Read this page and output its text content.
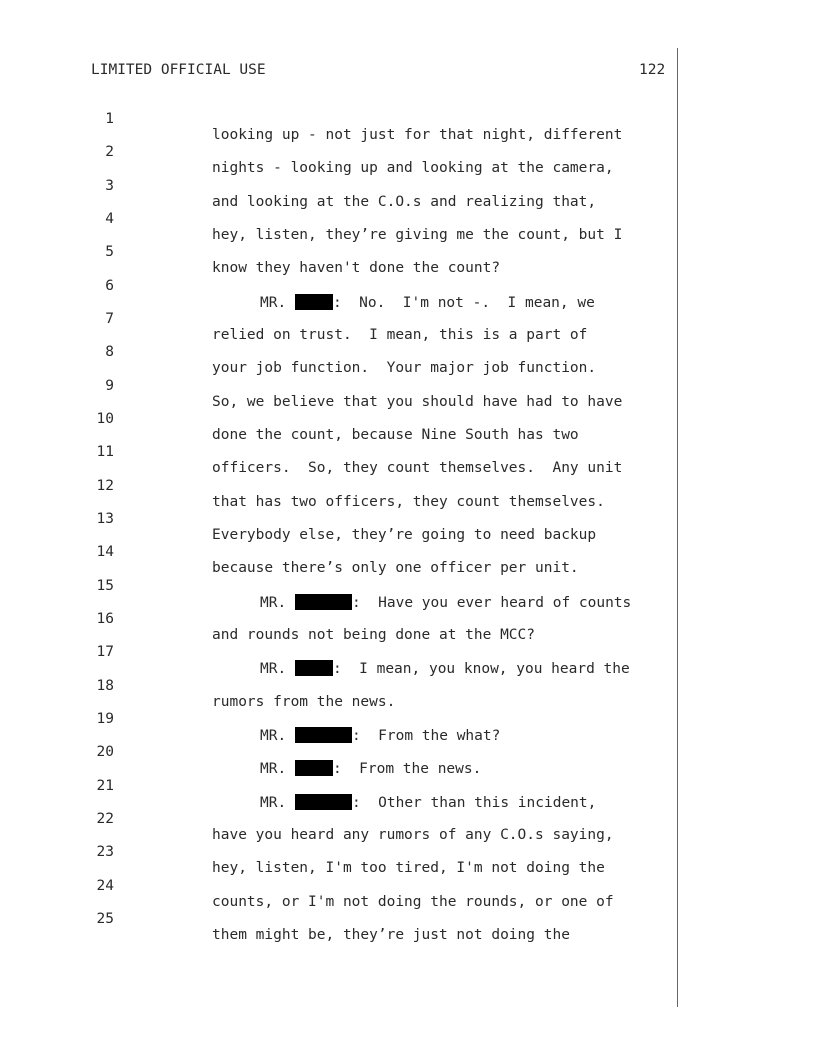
LIMITED OFFICIAL USE	122

1

looking up - not just for that night, different

2

nights - looking up and looking at the camera,

3

and looking at the C.O.s and realizing that,

4

hey, listen, they’re giving me the count, but I

5

know they haven't done the count?

6

MR.	:  No.  I'm not -.  I mean, we

7

relied on trust.  I mean, this is a part of

8

your job function.  Your major job function.

9

So, we believe that you should have had to have

10

done the count, because Nine South has two

11

officers.  So, they count themselves.  Any unit

12

that has two officers, they count themselves.

13

Everybody else, they’re going to need backup

14

because there’s only one officer per unit.

15

MR.	:  Have you ever heard of counts

16

and rounds not being done at the MCC?

17

MR.	:  I mean, you know, you heard the

18

rumors from the news.

19

MR.	:  From the what?

20

MR.	:  From the news.

21

MR.	:  Other than this incident,

22

have you heard any rumors of any C.O.s saying,

23

hey, listen, I'm too tired, I'm not doing the

24

counts, or I'm not doing the rounds, or one of

25

them might be, they’re just not doing the
